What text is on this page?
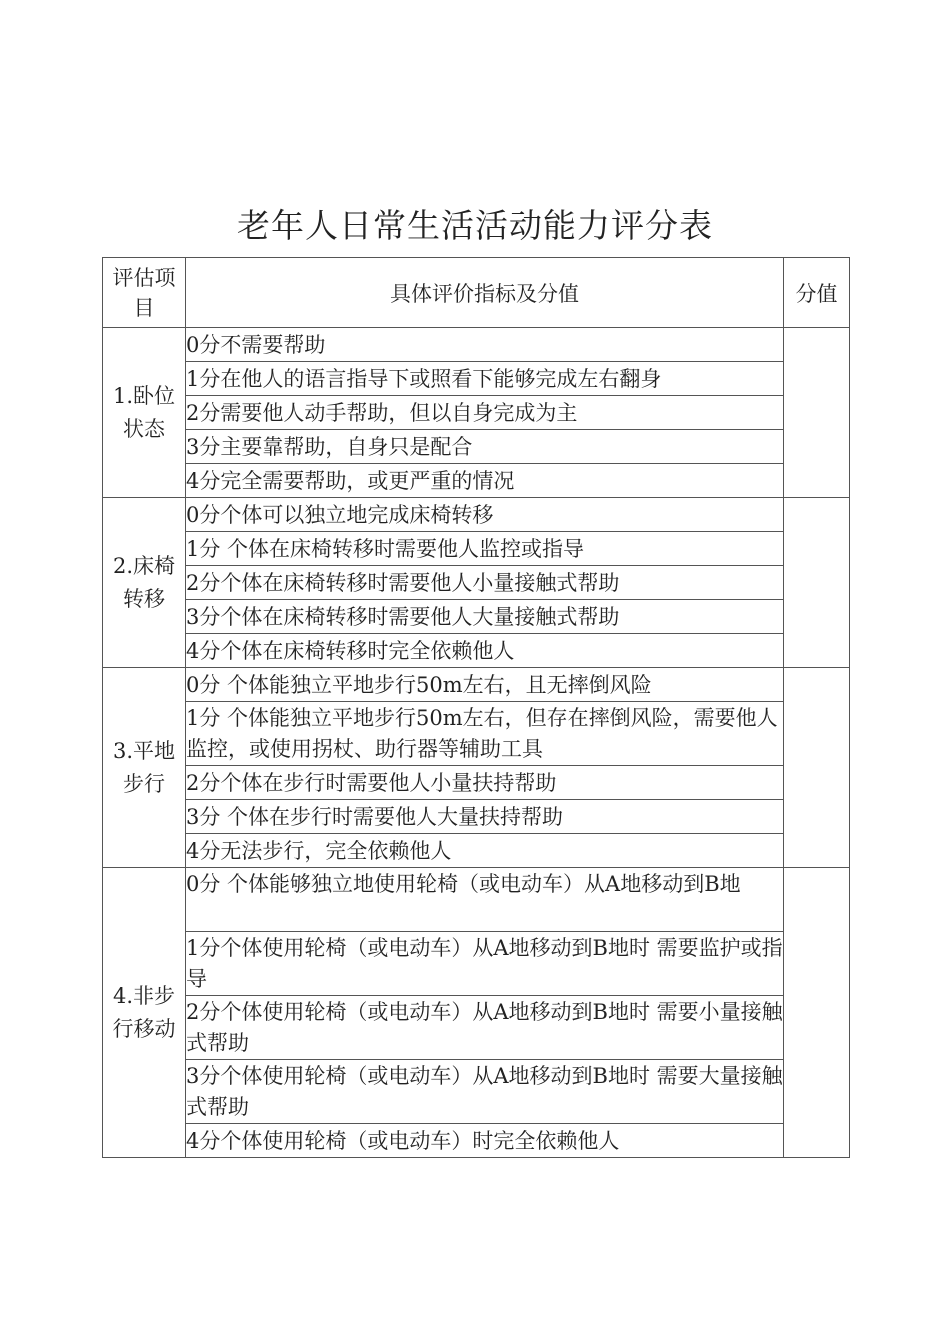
老年人日常生活活动能力评分表
评估项目	具体评价指标及分值	分值
1.卧位状态	0分不需要帮助	
	1分在他人的语言指导下或照看下能够完成左右翻身	
	2分需要他人动手帮助，但以自身完成为主	
	3分主要靠帮助，自身只是配合	
	4分完全需要帮助，或更严重的情况	
2.床椅转移	0分个体可以独立地完成床椅转移	
	1分 个体在床椅转移时需要他人监控或指导	
	2分个体在床椅转移时需要他人小量接触式帮助	
	3分个体在床椅转移时需要他人大量接触式帮助	
	4分个体在床椅转移时完全依赖他人	
3.平地步行	0分 个体能独立平地步行50m左右，且无摔倒风险	
	1分 个体能独立平地步行50m左右，但存在摔倒风险，需要他人监控，或使用拐杖、助行器等辅助工具	
	2分个体在步行时需要他人小量扶持帮助	
	3分 个体在步行时需要他人大量扶持帮助	
	4分无法步行，完全依赖他人	
4.非步行移动	0分 个体能够独立地使用轮椅（或电动车）从A地移动到B地	
	1分个体使用轮椅（或电动车）从A地移动到B地时 需要监护或指导	
	2分个体使用轮椅（或电动车）从A地移动到B地时 需要小量接触式帮助	
	3分个体使用轮椅（或电动车）从A地移动到B地时 需要大量接触式帮助	
	4分个体使用轮椅（或电动车）时完全依赖他人	
